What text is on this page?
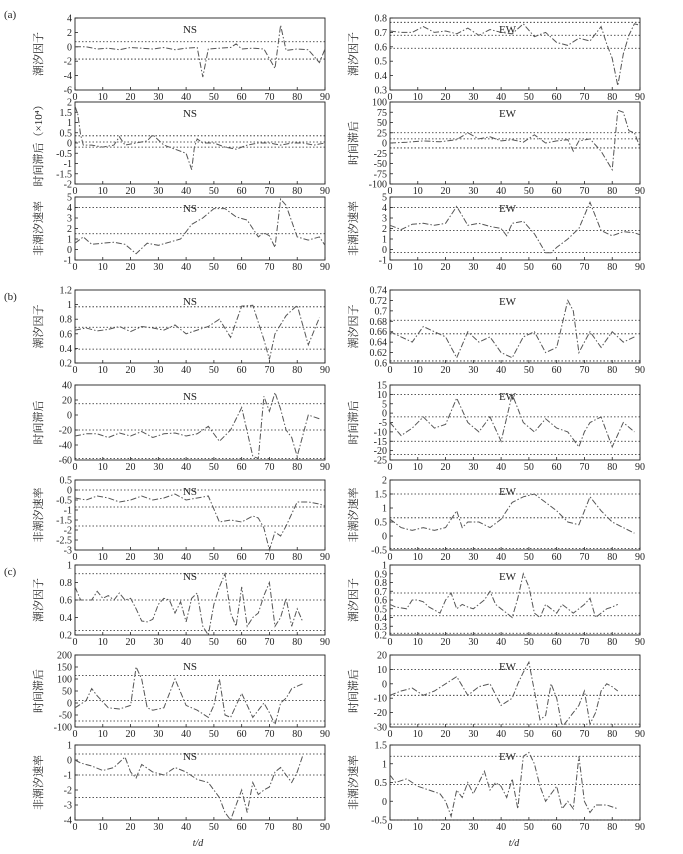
0 10 20 30 40 50 60 70 80 90
-6
-4
-2
0
2
4
潮汐因子
NS
0 10 20 30 40 50 60 70 80 90
0.3
0.4
0.5
0.6
0.7
0.8
潮汐因子
EW
0 10 20 30 40 50 60 70 80 90
-2
-1.5
-1
-0.5
0
0.5
1
1.5
2
时间滞后（×10⁴）	NS
0 10 20 30 40 50 60 70 80 90
-100
-75
-50
-25
0
25
50
75
100
时间滞后
EW
0 10 20 30 40 50 60 70 80 90
-1
0
1
2
3
4
5
非潮汐速率	NS
0 10 20 30 40 50 60 70 80 90
-1
0
1
2
3
4
5
非潮汐速率	EW
0 10 20 30 40 50 60 70 80 90
0.2
0.4
0.6
0.8
1
1.2
潮汐因子
NS
0 10 20 30 40 50 60 70 80 90
0.6
0.62
0.64
0.66
0.68
0.7
0.72
0.74
潮汐因子
EW
0 10 20 30 40 50 60 70 80 90
-60
-40
-20
0
20
40
时间滞后
NS
0 10 20 30 40 50 60 70 80 90
-25
-20
-15
-10
-5
0
5
10
15
时间滞后
EW
0 10 20 30 40 50 60 70 80 90
-3
-2.5
-2
-1.5
-1
-0.5
0
0.5
非潮汐速率	NS
0 10 20 30 40 50 60 70 80 90
-0.5
0
0.5
1
1.5
2
非潮汐速率	EW
0 10 20 30 40 50 60 70 80 90
0.2
0.4
0.6
0.8
1
潮汐因子
NS
0 10 20 30 40 50 60 70 80 90
0.2
0.3
0.4
0.5
0.6
0.7
0.8
0.9
1
潮汐因子
EW
0 10 20 30 40 50 60 70 80 90
-100
-50
0
50
100
150
200
时间滞后
NS
0 10 20 30 40 50 60 70 80 90
-30
-20
-10
0
10
20
时间滞后
EW
0 10 20 30 40 50 60 70 80 90
-4
-3
-2
-1
0
1
非潮汐速率	NS
0 10 20 30 40 50 60 70 80 90
-0.5
0
0.5
1
1.5
非潮汐速率	EW
(a)
(b)
(c)
t/d	t/d
